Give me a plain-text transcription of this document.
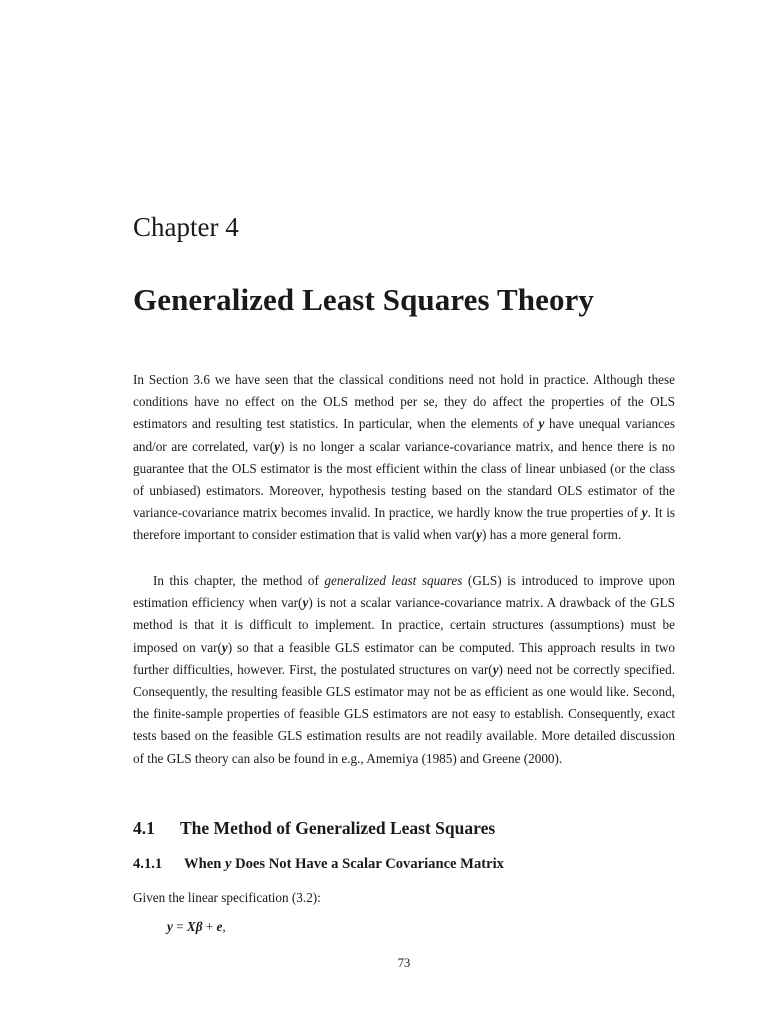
Chapter 4
Generalized Least Squares Theory

In Section 3.6 we have seen that the classical conditions need not hold in practice. Although these conditions have no effect on the OLS method per se, they do affect the properties of the OLS estimators and resulting test statistics. In particular, when the elements of y have unequal variances and/or are correlated, var(y) is no longer a scalar variance-covariance matrix, and hence there is no guarantee that the OLS estimator is the most efficient within the class of linear unbiased (or the class of unbiased) estimators. Moreover, hypothesis testing based on the standard OLS estimator of the variance-covariance matrix becomes invalid. In practice, we hardly know the true properties of y. It is therefore important to consider estimation that is valid when var(y) has a more general form.

In this chapter, the method of generalized least squares (GLS) is introduced to improve upon estimation efficiency when var(y) is not a scalar variance-covariance matrix. A drawback of the GLS method is that it is difficult to implement. In practice, certain structures (assumptions) must be imposed on var(y) so that a feasible GLS estimator can be computed. This approach results in two further difficulties, however. First, the postulated structures on var(y) need not be correctly specified. Consequently, the resulting feasible GLS estimator may not be as efficient as one would like. Second, the finite-sample properties of feasible GLS estimators are not easy to establish. Consequently, exact tests based on the feasible GLS estimation results are not readily available. More detailed discussion of the GLS theory can also be found in e.g., Amemiya (1985) and Greene (2000).

4.1 The Method of Generalized Least Squares
4.1.1 When y Does Not Have a Scalar Covariance Matrix
Given the linear specification (3.2):
y = Xβ + e,
73
